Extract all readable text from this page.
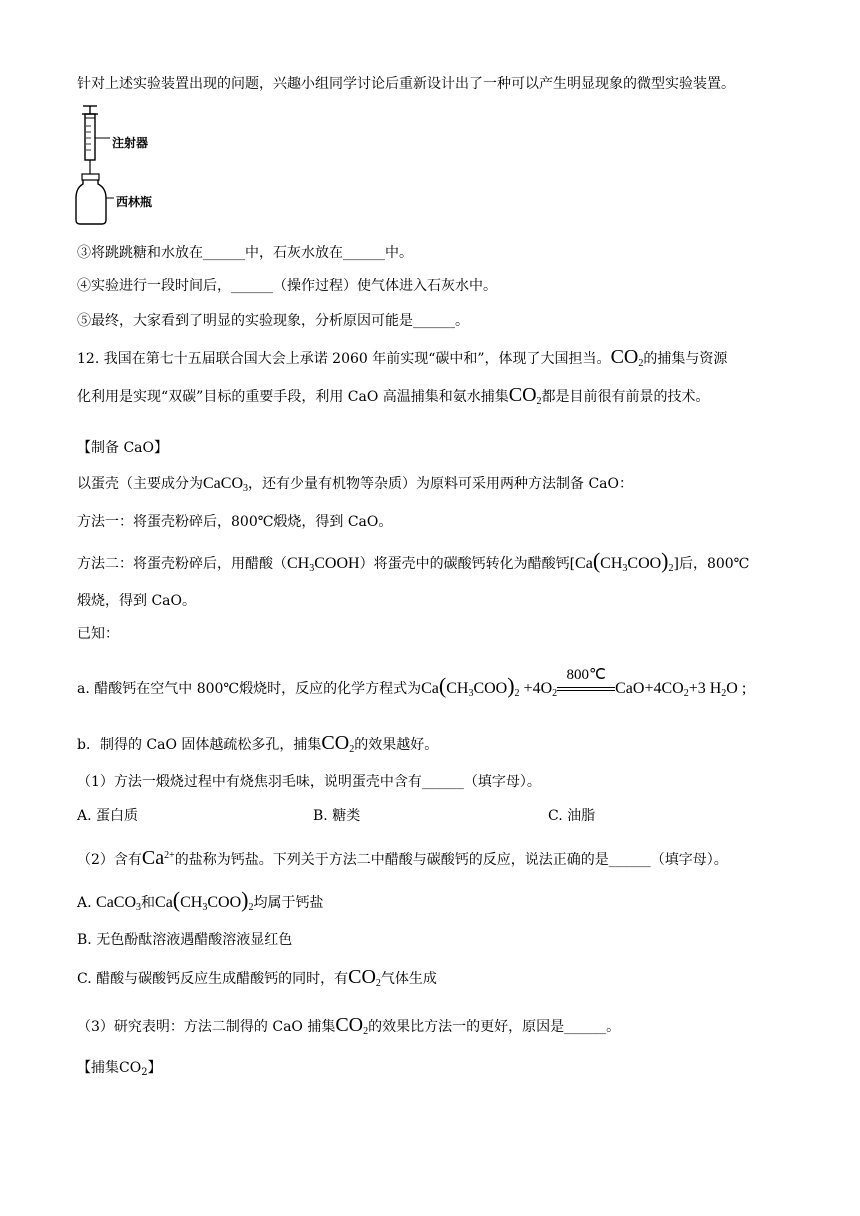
针对上述实验装置出现的问题，兴趣小组同学讨论后重新设计出了一种可以产生明显现象的微型实验装置。
注射器
西林瓶
③将跳跳糖和水放在______中，石灰水放在______中。
④实验进行一段时间后，______（操作过程）使气体进入石灰水中。
⑤最终，大家看到了明显的实验现象，分析原因可能是______。
12. 我国在第七十五届联合国大会上承诺 2060 年前实现“碳中和”，体现了大国担当。$CO_2$的捕集与资源
化利用是实现“双碳”目标的重要手段，利用 CaO 高温捕集和氨水捕集$CO_2$都是目前很有前景的技术。
【制备 CaO】
以蛋壳（主要成分为CaCO$_3$，还有少量有机物等杂质）为原料可采用两种方法制备 CaO：
方法一：将蛋壳粉碎后，800℃煅烧，得到 CaO。
方法二：将蛋壳粉碎后，用醋酸$(CH_3COOH)$将蛋壳中的碳酸钙转化为醋酸钙$[Ca(CH_3COO)_2]$后，800℃
煅烧，得到 CaO。
已知：
a. 醋酸钙在空气中 800℃煅烧时，反应的化学方程式为$Ca(CH_3COO)_2 +4O_2$
800℃
$CaO+4CO_2+3$ $H_2O$ ;
b．制得的 CaO 固体越疏松多孔，捕集$CO_2$的效果越好。
（1）方法一煅烧过程中有烧焦羽毛味，说明蛋壳中含有______（填字母）。
A. 蛋白质	B. 糖类	C. 油脂
（2）含有$Ca^{2+}$的盐称为钙盐。下列关于方法二中醋酸与碳酸钙的反应，说法正确的是______（填字母）。
A. CaCO$_3$和$Ca(CH_3COO)_2$均属于钙盐
B. 无色酚酞溶液遇醋酸溶液显红色
C. 醋酸与碳酸钙反应生成醋酸钙的同时，有$CO_2$气体生成
（3）研究表明：方法二制得的 CaO 捕集$CO_2$的效果比方法一的更好，原因是______。
【捕集$CO_2$】
